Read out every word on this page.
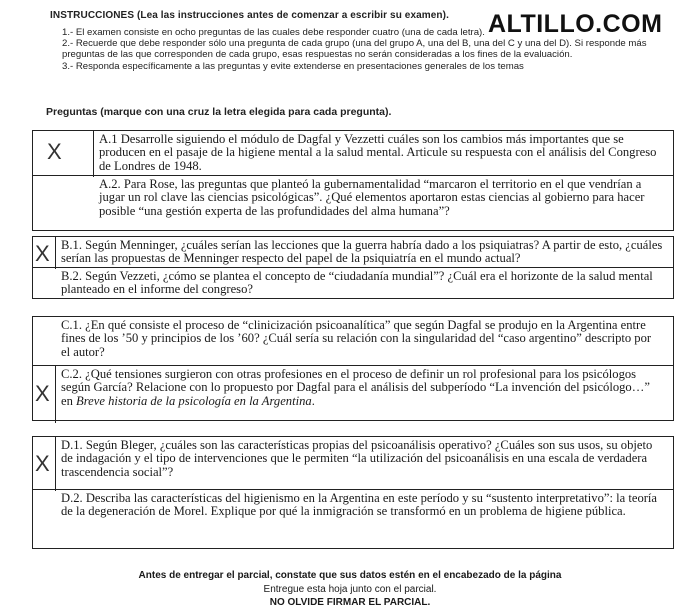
INSTRUCCIONES (Lea las instrucciones antes de comenzar a escribir su examen). ALTILLO.COM

1.- El examen consiste en ocho preguntas de las cuales debe responder cuatro (una de cada letra).

2.- Recuerde que debe responder sólo una pregunta de cada grupo (una del grupo A, una del B, una del C y una del D). Si responde más preguntas de las que corresponden de cada grupo, esas respuestas no serán consideradas a los fines de la evaluación.

3.- Responda específicamente a las preguntas y evite extenderse en presentaciones generales de los temas

Preguntas (marque con una cruz la letra elegida para cada pregunta).
X	A.1 Desarrolle siguiendo el módulo de Dagfal y Vezzetti cuáles son los cambios más importantes que se producen en el pasaje de la higiene mental a la salud mental. Articule su respuesta con el análisis del Congreso de Londres de 1948.
A.2. Para Rose, las preguntas que planteó la gubernamentalidad “marcaron el territorio en el que vendrían a jugar un rol clave las ciencias psicológicas”. ¿Qué elementos aportaron estas ciencias al gobierno para hacer posible “una gestión experta de las profundidades del alma humana”?
X B.1. Según Menninger, ¿cuáles serían las lecciones que la guerra habría dado a los psiquiatras? A partir de esto, ¿cuáles serían las propuestas de Menninger respecto del papel de la psiquiatría en el mundo actual?
B.2. Según Vezzeti, ¿cómo se plantea el concepto de “ciudadanía mundial”? ¿Cuál era el horizonte de la salud mental planteado en el informe del congreso?
X
C.1. ¿En qué consiste el proceso de “clinicización psicoanalítica” que según Dagfal se produjo en la Argentina entre fines de los ’50 y principios de los ’60? ¿Cuál sería su relación con la singularidad del “caso argentino” descripto por el autor?
C.2. ¿Qué tensiones surgieron con otras profesiones en el proceso de definir un rol profesional para los psicólogos según García? Relacione con lo propuesto por Dagfal para el análisis del subperíodo “La invención del psicólogo…” en Breve historia de la psicología en la Argentina.
X
D.1. Según Bleger, ¿cuáles son las características propias del psicoanálisis operativo? ¿Cuáles son sus usos, su objeto de indagación y el tipo de intervenciones que le permiten “la utilización del psicoanálisis en una escala de verdadera trascendencia social”?
D.2. Describa las características del higienismo en la Argentina en este período y su “sustento interpretativo”: la teoría de la degeneración de Morel. Explique por qué la inmigración se transformó en un problema de higiene pública.
Antes de entregar el parcial, constate que sus datos estén en el encabezado de la página
Entregue esta hoja junto con el parcial.
NO OLVIDE FIRMAR EL PARCIAL.
